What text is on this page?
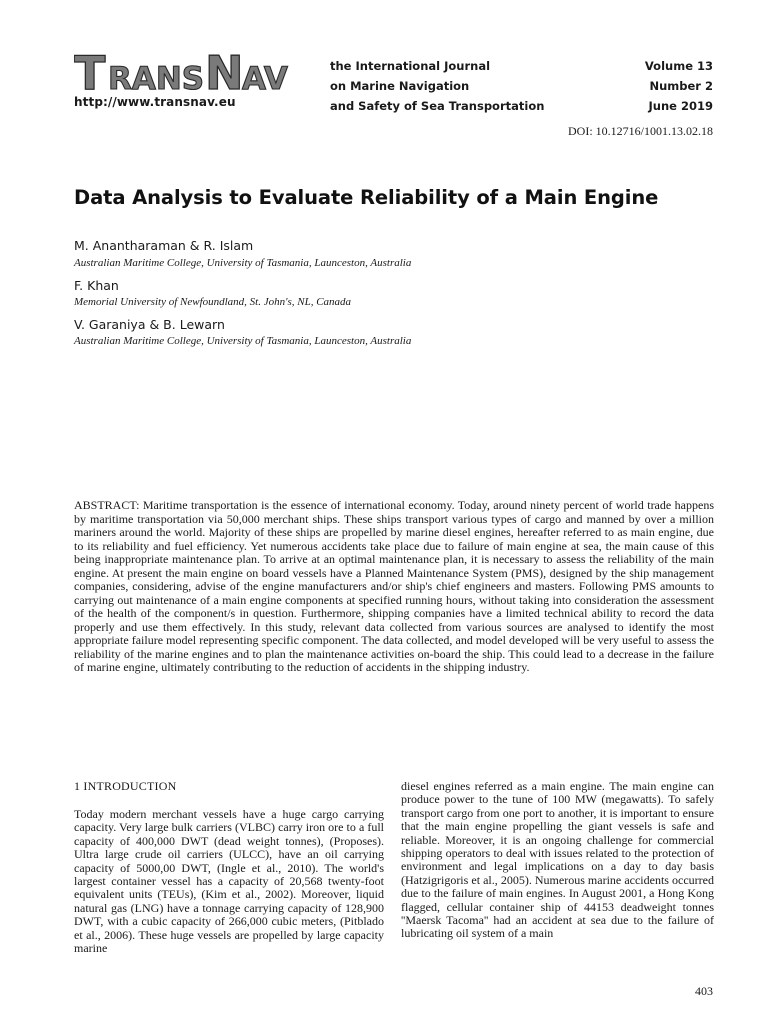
T RANS N
AV
http://www.transnav.eu
the International Journal
on Marine Navigation
and Safety of Sea Transportation
Volume 13
Number 2
June 2019
DOI: 10.12716/1001.13.02.18
Data Analysis to Evaluate Reliability of a Main Engine
M. Anantharaman & R. Islam
Australian Maritime College, University of Tasmania, Launceston, Australia
F. Khan
Memorial University of Newfoundland, St. John's, NL, Canada
V. Garaniya & B. Lewarn
Australian Maritime College, University of Tasmania, Launceston, Australia
ABSTRACT: Maritime transportation is the essence of international economy. Today, around ninety percent of world trade happens by maritime transportation via 50,000 merchant ships. These ships transport various types of cargo and manned by over a million mariners around the world. Majority of these ships are propelled by marine diesel engines, hereafter referred to as main engine, due to its reliability and fuel efficiency. Yet numerous accidents take place due to failure of main engine at sea, the main cause of this being inappropriate maintenance plan. To arrive at an optimal maintenance plan, it is necessary to assess the reliability of the main engine. At present the main engine on board vessels have a Planned Maintenance System (PMS), designed by the ship management companies, considering, advise of the engine manufacturers and/or ship's chief engineers and masters. Following PMS amounts to carrying out maintenance of a main engine components at specified running hours, without taking into consideration the assessment of the health of the component/s in question. Furthermore, shipping companies have a limited technical ability to record the data properly and use them effectively. In this study, relevant data collected from various sources are analysed to identify the most appropriate failure model representing specific component. The data collected, and model developed will be very useful to assess the reliability of the marine engines and to plan the maintenance activities on-board the ship. This could lead to a decrease in the failure of marine engine, ultimately contributing to the reduction of accidents in the shipping industry.
1 INTRODUCTION
Today modern merchant vessels have a huge cargo carrying capacity. Very large bulk carriers (VLBC) carry iron ore to a full capacity of 400,000 DWT (dead weight tonnes), (Proposes). Ultra large crude oil carriers (ULCC), have an oil carrying capacity of 5000,00 DWT, (Ingle et al., 2010). The world's largest container vessel has a capacity of 20,568 twenty-foot equivalent units (TEUs), (Kim et al., 2002). Moreover, liquid natural gas (LNG) have a tonnage carrying capacity of 128,900 DWT, with a cubic capacity of 266,000 cubic meters, (Pitblado et al., 2006). These huge vessels are propelled by large capacity marine
diesel engines referred as a main engine. The main engine can produce power to the tune of 100 MW (megawatts). To safely transport cargo from one port to another, it is important to ensure that the main engine propelling the giant vessels is safe and reliable. Moreover, it is an ongoing challenge for commercial shipping operators to deal with issues related to the protection of environment and legal implications on a day to day basis (Hatzigrigoris et al., 2005). Numerous marine accidents occurred due to the failure of main engines. In August 2001, a Hong Kong flagged, cellular container ship of 44153 deadweight tonnes ''Maersk Tacoma'' had an accident at sea due to the failure of lubricating oil system of a main
403
